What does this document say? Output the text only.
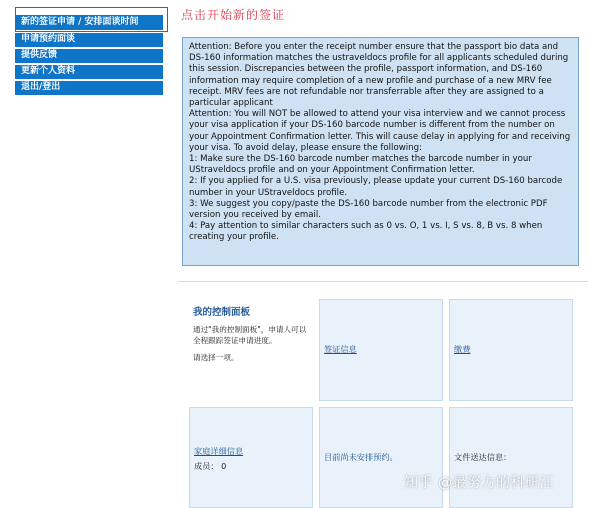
新的签证申请 / 安排面谈时间
申请预约面谈
提供反馈
更新个人资料
退出/登出
点击开始新的签证

Attention: Before you enter the receipt number ensure that the passport bio data and DS-160 information matches the ustraveldocs profile for all applicants scheduled during this session. Discrepancies between the profile, passport information, and DS-160 information may require completion of a new profile and purchase of a new MRV fee receipt. MRV fees are not refundable nor transferrable after they are assigned to a particular applicant

Attention: You will NOT be allowed to attend your visa interview and we cannot process your visa application if your DS-160 barcode number is different from the number on your Appointment Confirmation letter. This will cause delay in applying for and receiving your visa. To avoid delay, please ensure the following:

1: Make sure the DS-160 barcode number matches the barcode number in your UStraveldocs profile and on your Appointment Confirmation letter.

2: If you applied for a U.S. visa previously, please update your current DS-160 barcode number in your UStraveldocs profile.

3: We suggest you copy/paste the DS-160 barcode number from the electronic PDF version you received by email.

4: Pay attention to similar characters such as 0 vs. O, 1 vs. I, S vs. 8, B vs. 8 when creating your profile.

我的控制面板
通过"我的控制面板"，申请人可以全程跟踪签证申请进度。
请选择一项。
签证信息	缴费
家庭详细信息
成员： 0
目前尚未安排预约。	文件送达信息：
知乎 @最努力的科研汪
